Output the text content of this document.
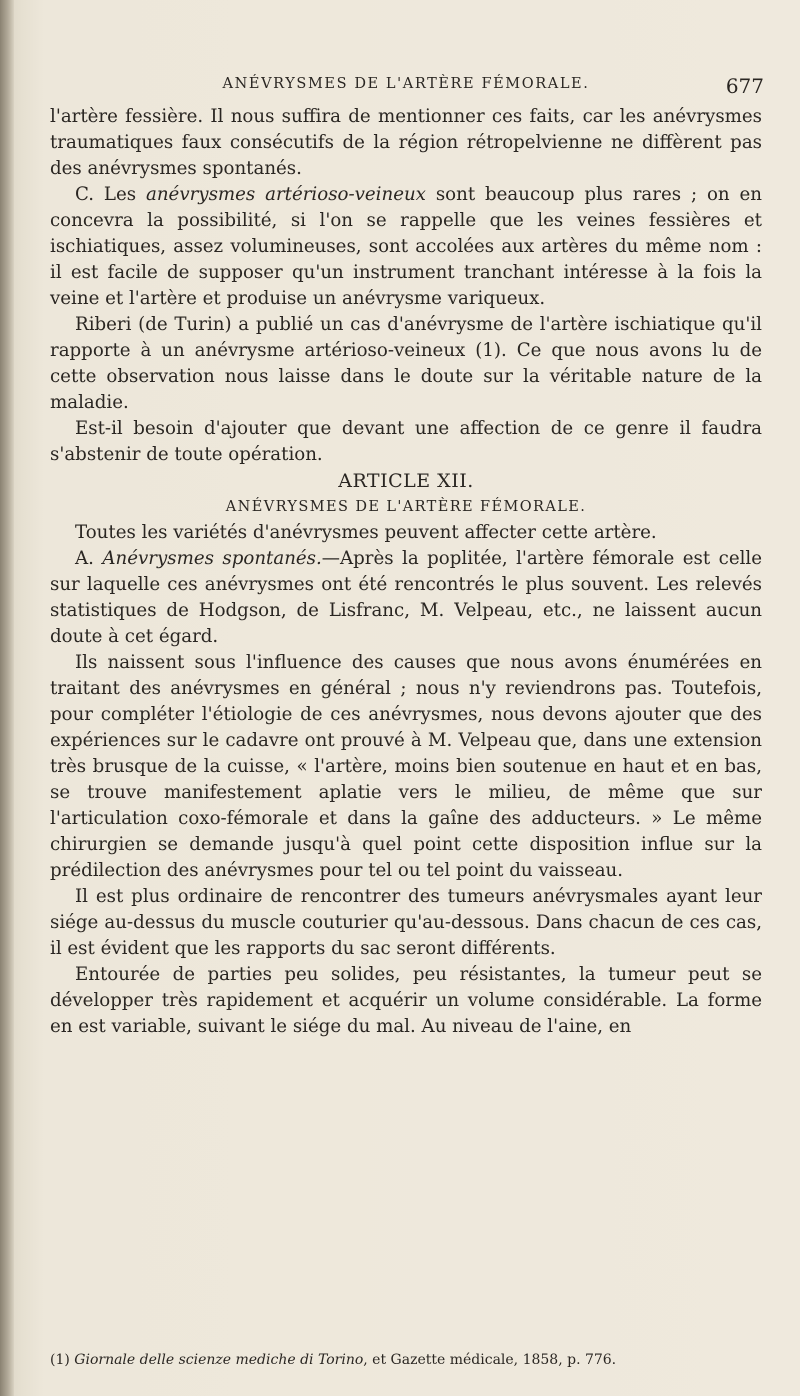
ANÉVRYSMES DE L'ARTÈRE FÉMORALE.	677

l'artère fessière. Il nous suffira de mentionner ces faits, car les anévrysmes traumatiques faux consécutifs de la région rétropelvienne ne diffèrent pas des anévrysmes spontanés.

C. Les anévrysmes artérioso-veineux sont beaucoup plus rares ; on en concevra la possibilité, si l'on se rappelle que les veines fessières et ischiatiques, assez volumineuses, sont accolées aux artères du même nom : il est facile de supposer qu'un instrument tranchant intéresse à la fois la veine et l'artère et produise un anévrysme variqueux.

Riberi (de Turin) a publié un cas d'anévrysme de l'artère ischiatique qu'il rapporte à un anévrysme artérioso-veineux (1). Ce que nous avons lu de cette observation nous laisse dans le doute sur la véritable nature de la maladie.

Est-il besoin d'ajouter que devant une affection de ce genre il faudra s'abstenir de toute opération.

ARTICLE XII.

ANÉVRYSMES DE L'ARTÈRE FÉMORALE.

Toutes les variétés d'anévrysmes peuvent affecter cette artère.

A. Anévrysmes spontanés.—Après la poplitée, l'artère fémorale est celle sur laquelle ces anévrysmes ont été rencontrés le plus souvent. Les relevés statistiques de Hodgson, de Lisfranc, M. Velpeau, etc., ne laissent aucun doute à cet égard.

Ils naissent sous l'influence des causes que nous avons énumérées en traitant des anévrysmes en général ; nous n'y reviendrons pas. Toutefois, pour compléter l'étiologie de ces anévrysmes, nous devons ajouter que des expériences sur le cadavre ont prouvé à M. Velpeau que, dans une extension très brusque de la cuisse, « l'artère, moins bien soutenue en haut et en bas, se trouve manifestement aplatie vers le milieu, de même que sur l'articulation coxo-fémorale et dans la gaîne des adducteurs. » Le même chirurgien se demande jusqu'à quel point cette disposition influe sur la prédilection des anévrysmes pour tel ou tel point du vaisseau.

Il est plus ordinaire de rencontrer des tumeurs anévrysmales ayant leur siége au-dessus du muscle couturier qu'au-dessous. Dans chacun de ces cas, il est évident que les rapports du sac seront différents.

Entourée de parties peu solides, peu résistantes, la tumeur peut se développer très rapidement et acquérir un volume considérable. La forme en est variable, suivant le siége du mal. Au niveau de l'aine, en

(1) Giornale delle scienze mediche di Torino, et Gazette médicale, 1858, p. 776.
